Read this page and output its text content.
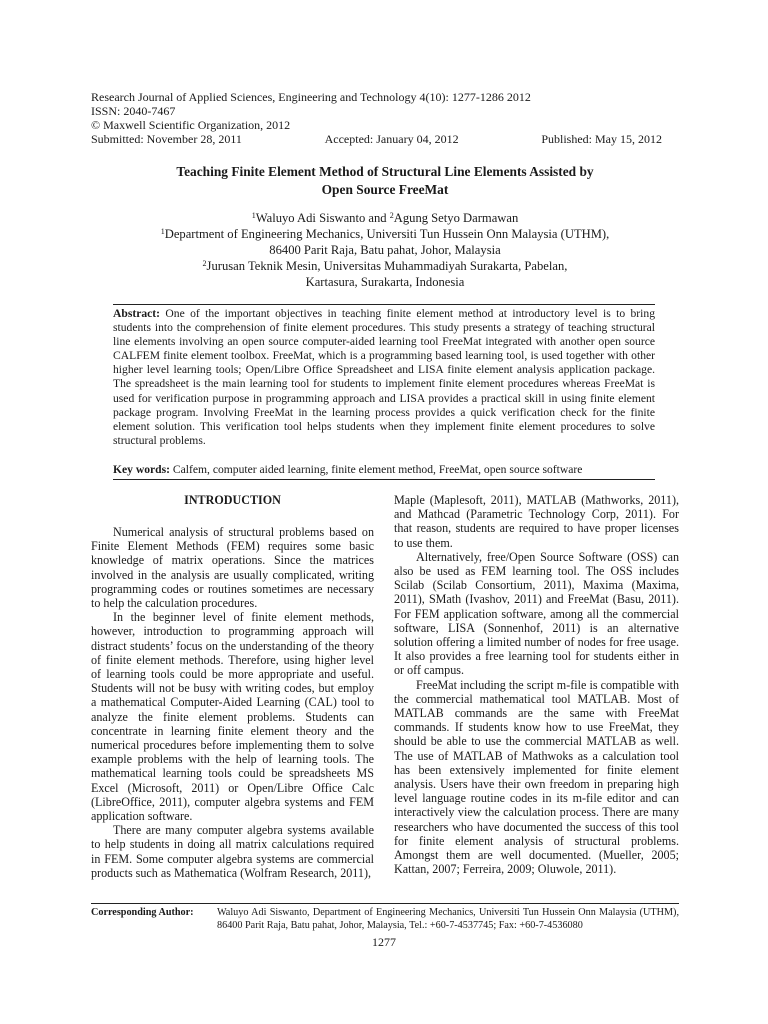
Research Journal of Applied Sciences, Engineering and Technology 4(10): 1277-1286 2012
ISSN: 2040-7467
© Maxwell Scientific Organization, 2012
Submitted: November 28, 2011	Accepted: January 04, 2012	Published: May 15, 2012
Teaching Finite Element Method of Structural Line Elements Assisted by
Open Source FreeMat
$^1$Waluyo Adi Siswanto and $^2$Agung Setyo Darmawan
$^1$Department of Engineering Mechanics, Universiti Tun Hussein Onn Malaysia (UTHM),
86400 Parit Raja, Batu pahat, Johor, Malaysia
$^2$Jurusan Teknik Mesin, Universitas Muhammadiyah Surakarta, Pabelan,
Kartasura, Surakarta, Indonesia
Abstract: One of the important objectives in teaching finite element method at introductory level is to bring students into the comprehension of finite element procedures. This study presents a strategy of teaching structural line elements involving an open source computer-aided learning tool FreeMat integrated with another open source CALFEM finite element toolbox. FreeMat, which is a programming based learning tool, is used together with other higher level learning tools; Open/Libre Office Spreadsheet and LISA finite element analysis application package. The spreadsheet is the main learning tool for students to implement finite element procedures whereas FreeMat is used for verification purpose in programming approach and LISA provides a practical skill in using finite element package program. Involving FreeMat in the learning process provides a quick verification check for the finite element solution. This verification tool helps students when they implement finite element procedures to solve structural problems.
Key words: Calfem, computer aided learning, finite element method, FreeMat, open source software
INTRODUCTION

Numerical analysis of structural problems based on Finite Element Methods (FEM) requires some basic knowledge of matrix operations. Since the matrices involved in the analysis are usually complicated, writing programming codes or routines sometimes are necessary to help the calculation procedures.

In the beginner level of finite element methods, however, introduction to programming approach will distract students’ focus on the understanding of the theory of finite element methods. Therefore, using higher level of learning tools could be more appropriate and useful. Students will not be busy with writing codes, but employ a mathematical Computer-Aided Learning (CAL) tool to analyze the finite element problems. Students can concentrate in learning finite element theory and the numerical procedures before implementing them to solve example problems with the help of learning tools. The mathematical learning tools could be spreadsheets MS Excel (Microsoft, 2011) or Open/Libre Office Calc (LibreOffice, 2011), computer algebra systems and FEM application software.

There are many computer algebra systems available to help students in doing all matrix calculations required in FEM. Some computer algebra systems are commercial products such as Mathematica (Wolfram Research, 2011),

Maple (Maplesoft, 2011), MATLAB (Mathworks, 2011), and Mathcad (Parametric Technology Corp, 2011). For that reason, students are required to have proper licenses to use them.

Alternatively, free/Open Source Software (OSS) can also be used as FEM learning tool. The OSS includes Scilab (Scilab Consortium, 2011), Maxima (Maxima, 2011), SMath (Ivashov, 2011) and FreeMat (Basu, 2011). For FEM application software, among all the commercial software, LISA (Sonnenhof, 2011) is an alternative solution offering a limited number of nodes for free usage. It also provides a free learning tool for students either in or off campus.

FreeMat including the script m-file is compatible with the commercial mathematical tool MATLAB. Most of MATLAB commands are the same with FreeMat commands. If students know how to use FreeMat, they should be able to use the commercial MATLAB as well. The use of MATLAB of Mathwoks as a calculation tool has been extensively implemented for finite element analysis. Users have their own freedom in preparing high level language routine codes in its m-file editor and can interactively view the calculation process. There are many researchers who have documented the success of this tool for finite element analysis of structural problems. Amongst them are well documented. (Mueller, 2005; Kattan, 2007; Ferreira, 2009; Oluwole, 2011).

Corresponding Author: Waluyo Adi Siswanto, Department of Engineering Mechanics, Universiti Tun Hussein Onn Malaysia (UTHM), 86400 Parit Raja, Batu pahat, Johor, Malaysia, Tel.: +60-7-4537745; Fax: +60-7-4536080
1277
